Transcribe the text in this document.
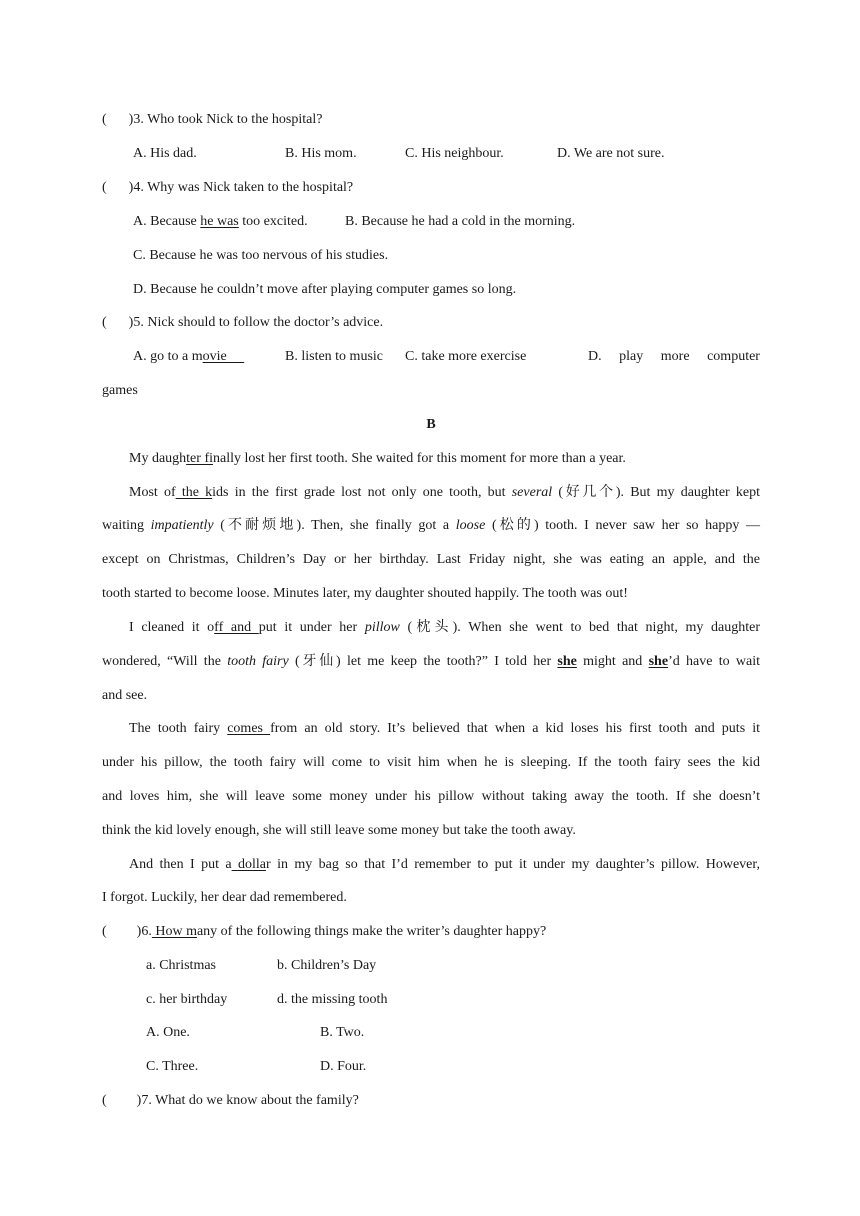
( )3. Who took Nick to the hospital?
A. His dad.	B. His mom.	C. His neighbour.	D. We are not sure.
( )4. Why was Nick taken to the hospital?
A. Because he was too excited.	B. Because he had a cold in the morning.
C. Because he was too nervous of his studies.
D. Because he couldn’t move after playing computer games so long.
( )5. Nick should to follow the doctor’s advice.
A. go to a movie	B. listen to music C. take more exercise	D. play more computer
games
B
My daughter finally lost her first tooth. She waited for this moment for more than a year.
Most of the kids in the first grade lost not only one tooth, but several (好几个). But my daughter kept
waiting impatiently (不耐烦地). Then, she finally got a loose (松的) tooth. I never saw her so happy —
except on Christmas, Children’s Day or her birthday. Last Friday night, she was eating an apple, and the
tooth started to become loose. Minutes later, my daughter shouted happily. The tooth was out!
I cleaned it off and put it under her pillow (枕头). When she went to bed that night, my daughter
wondered, “Will the tooth fairy (牙仙) let me keep the tooth?” I told her she might and she’d have to wait
and see.
The tooth fairy comes from an old story. It’s believed that when a kid loses his first tooth and puts it
under his pillow, the tooth fairy will come to visit him when he is sleeping. If the tooth fairy sees the kid
and loves him, she will leave some money under his pillow without taking away the tooth. If she doesn’t
think the kid lovely enough, she will still leave some money but take the tooth away.
And then I put a dollar in my bag so that I’d remember to put it under my daughter’s pillow. However,
I forgot. Luckily, her dear dad remembered.
( )6. How many of the following things make the writer’s daughter happy?
a. Christmas	b. Children’s Day
c. her birthday	d. the missing tooth
A. One.	B. Two.
C. Three.	D. Four.
( )7. What do we know about the family?
